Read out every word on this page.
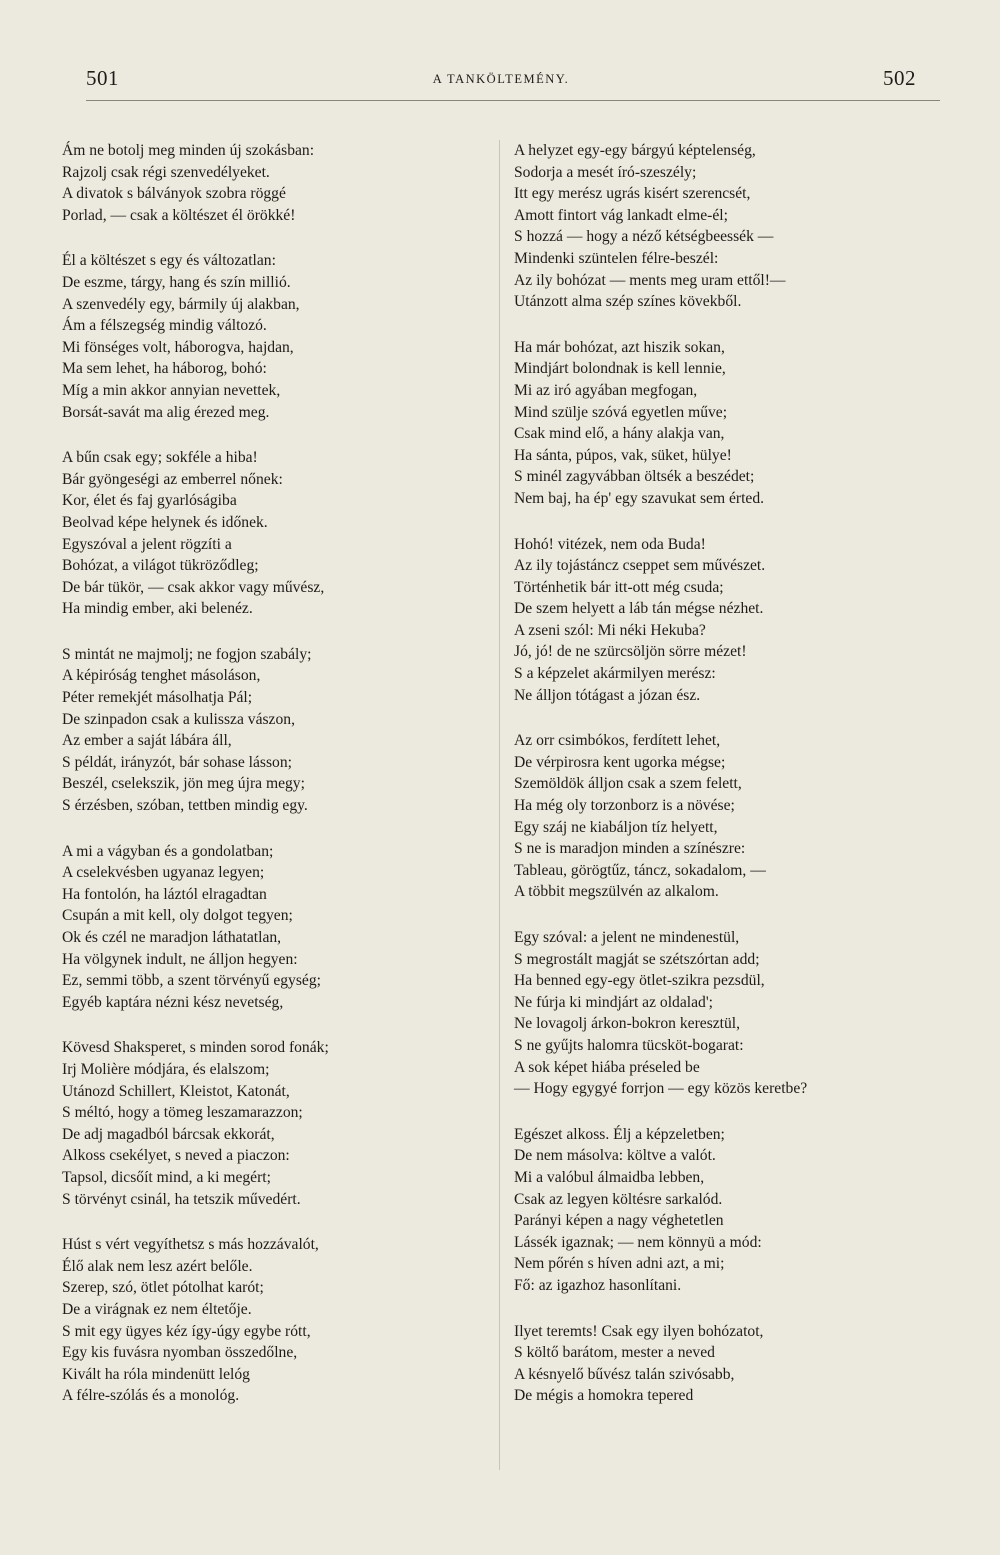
501	A TANKÖLTEMÉNY.	502
Ám ne botolj meg minden új szokásban:
Rajzolj csak régi szenvedélyeket.
A divatok s bálványok szobra röggé
Porlad, — csak a költészet él örökké!
Él a költészet s egy és változatlan:
De eszme, tárgy, hang és szín millió.
A szenvedély egy, bármily új alakban,
Ám a félszegség mindig változó.
Mi fönséges volt, háborogva, hajdan,
Ma sem lehet, ha háborog, bohó:
Míg a min akkor annyian nevettek,
Borsát-savát ma alig érezed meg.
A bűn csak egy; sokféle a hiba!
Bár gyöngeségi az emberrel nőnek:
Kor, élet és faj gyarlóságiba
Beolvad képe helynek és időnek.
Egyszóval a jelent rögzíti a
Bohózat, a világot tükröződleg;
De bár tükör, — csak akkor vagy művész,
Ha mindig ember, aki belenéz.
S mintát ne majmolj; ne fogjon szabály;
A képiróság tenghet másoláson,
Péter remekjét másolhatja Pál;
De szinpadon csak a kulissza vászon,
Az ember a saját lábára áll,
S példát, irányzót, bár sohase lásson;
Beszél, cselekszik, jön meg újra megy;
S érzésben, szóban, tettben mindig egy.
A mi a vágyban és a gondolatban;
A cselekvésben ugyanaz legyen;
Ha fontolón, ha láztól elragadtan
Csupán a mit kell, oly dolgot tegyen;
Ok és czél ne maradjon láthatatlan,
Ha völgynek indult, ne álljon hegyen:
Ez, semmi több, a szent törvényű egység;
Egyéb kaptára nézni kész nevetség,
Kövesd Shaksperet, s minden sorod fonák;
Irj Molière módjára, és elalszom;
Utánozd Schillert, Kleistot, Katonát,
S méltó, hogy a tömeg leszamarazzon;
De adj magadból bárcsak ekkorát,
Alkoss csekélyet, s neved a piaczon:
Tapsol, dicsőít mind, a ki megért;
S törvényt csinál, ha tetszik művedért.
Húst s vért vegyíthetsz s más hozzávalót,
Élő alak nem lesz azért belőle.
Szerep, szó, ötlet pótolhat karót;
De a virágnak ez nem éltetője.
S mit egy ügyes kéz így-úgy egybe rótt,
Egy kis fuvásra nyomban összedőlne,
Kivált ha róla mindenütt lelóg
A félre-szólás és a monológ.
A helyzet egy-egy bárgyú képtelenség,
Sodorja a mesét író-szeszély;
Itt egy merész ugrás kisért szerencsét,
Amott fintort vág lankadt elme-él;
S hozzá — hogy a néző kétségbeessék —
Mindenki szüntelen félre-beszél:
Az ily bohózat — ments meg uram ettől!—
Utánzott alma szép színes kövekből.
Ha már bohózat, azt hiszik sokan,
Mindjárt bolondnak is kell lennie,
Mi az iró agyában megfogan,
Mind szülje szóvá egyetlen műve;
Csak mind elő, a hány alakja van,
Ha sánta, púpos, vak, süket, hülye!
S minél zagyvábban öltsék a beszédet;
Nem baj, ha ép' egy szavukat sem érted.
Hohó! vitézek, nem oda Buda!
Az ily tojástáncz cseppet sem művészet.
Történhetik bár itt-ott még csuda;
De szem helyett a láb tán mégse nézhet.
A zseni szól: Mi néki Hekuba?
Jó, jó! de ne szürcsöljön sörre mézet!
S a képzelet akármilyen merész:
Ne álljon tótágast a józan ész.
Az orr csimbókos, ferdített lehet,
De vérpirosra kent ugorka mégse;
Szemöldök álljon csak a szem felett,
Ha még oly torzonborz is a növése;
Egy száj ne kiabáljon tíz helyett,
S ne is maradjon minden a színészre:
Tableau, görögtűz, táncz, sokadalom, —
A többit megszülvén az alkalom.
Egy szóval: a jelent ne mindenestül,
S megrostált magját se szétszórtan add;
Ha benned egy-egy ötlet-szikra pezsdül,
Ne fúrja ki mindjárt az oldalad';
Ne lovagolj árkon-bokron keresztül,
S ne gyűjts halomra tücsköt-bogarat:
A sok képet hiába préseled be
— Hogy egygyé forrjon — egy közös keretbe?
Egészet alkoss. Élj a képzeletben;
De nem másolva: költve a valót.
Mi a valóbul álmaidba lebben,
Csak az legyen költésre sarkalód.
Parányi képen a nagy véghetetlen
Lássék igaznak; — nem könnyü a mód:
Nem pőrén s híven adni azt, a mi;
Fő: az igazhoz hasonlítani.
Ilyet teremts! Csak egy ilyen bohózatot,
S költő barátom, mester a neved
A késnyelő bűvész talán szivósabb,
De mégis a homokra tepered
